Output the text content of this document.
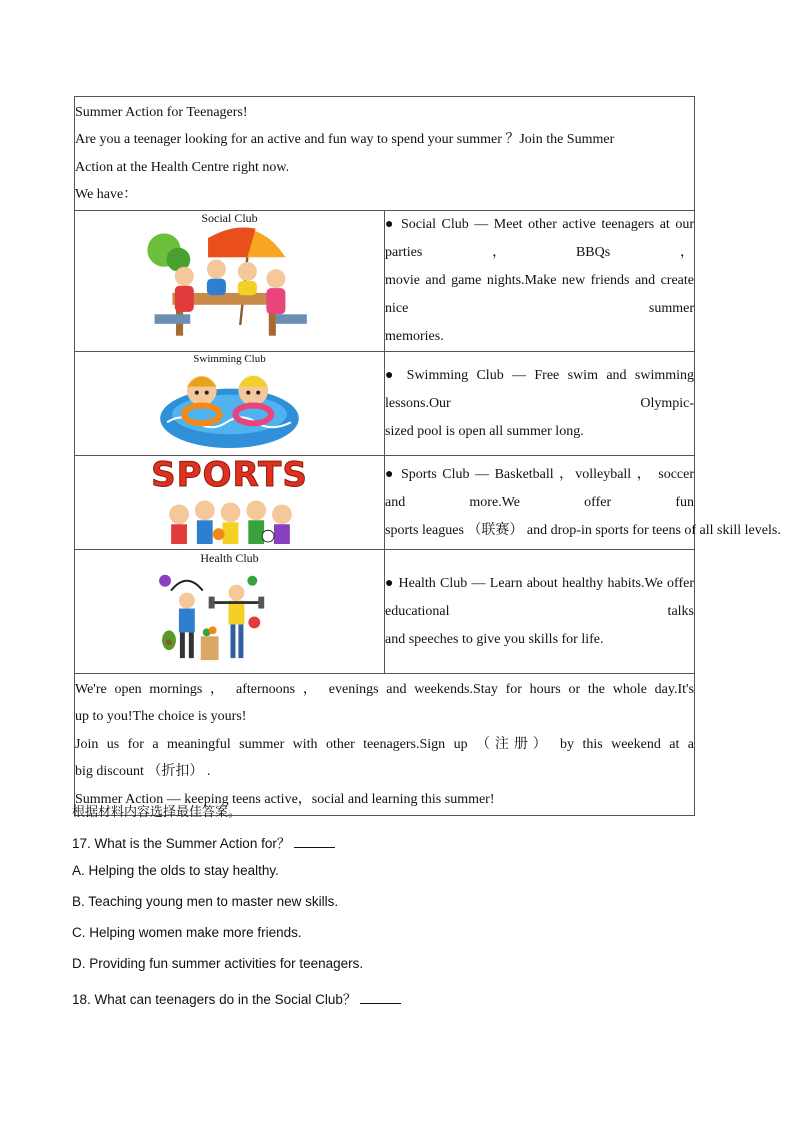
Summer Action for Teenagers!
Are you a teenager looking for an active and fun way to spend your summer ？Join the Summer
Action at the Health Centre right now.
We have：	

Social Club	● Social Club — Meet other active teenagers at our parties，BBQs，
movie and game nights.Make new friends and create nice summer
memories.

Swimming Club	● Swimming Club — Free swim and swimming lessons.Our Olympic-
sized pool is open all summer long.

SPORTS	● Sports Club — Basketball ，volleyball ， soccer and more.We offer fun
sports leagues （联赛） and drop-in sports for teens of all skill levels.

Health Club	● Health Club — Learn about healthy habits.We offer educational talks
and speeches to give you skills for life.

We're open mornings ， afternoons ， evenings and weekends.Stay for hours or the whole day.It's
up to you!The choice is yours!
Join us for a meaningful summer with other teenagers.Sign up （注册） by this weekend at a
big discount （折扣） .
Summer Action — keeping teens active，social and learning this summer!	
根据材料内容选择最佳答案。
17. What is the Summer Action for？
A. Helping the olds to stay healthy.
B. Teaching young men to master new skills.
C. Helping women make more friends.
D. Providing fun summer activities for teenagers.
18. What can teenagers do in the Social Club？
